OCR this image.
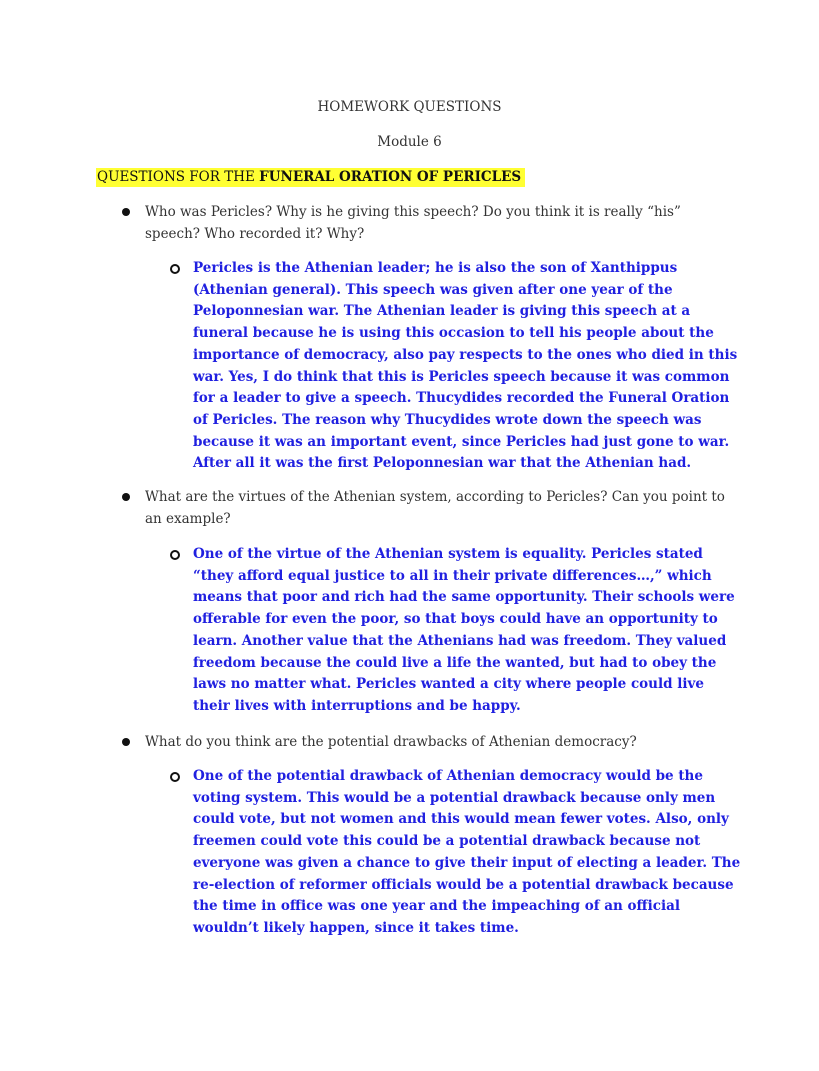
HOMEWORK QUESTIONS
Module 6
QUESTIONS FOR THE FUNERAL ORATION OF PERICLES
Who was Pericles? Why is he giving this speech? Do you think it is really “his”
speech? Who recorded it? Why?
Pericles is the Athenian leader; he is also the son of Xanthippus
(Athenian general). This speech was given after one year of the
Peloponnesian war. The Athenian leader is giving this speech at a
funeral because he is using this occasion to tell his people about the
importance of democracy, also pay respects to the ones who died in this
war. Yes, I do think that this is Pericles speech because it was common
for a leader to give a speech. Thucydides recorded the Funeral Oration
of Pericles. The reason why Thucydides wrote down the speech was
because it was an important event, since Pericles had just gone to war.
After all it was the first Peloponnesian war that the Athenian had.
What are the virtues of the Athenian system, according to Pericles? Can you point to
an example?
One of the virtue of the Athenian system is equality. Pericles stated
“they afford equal justice to all in their private differences…,” which
means that poor and rich had the same opportunity. Their schools were
offerable for even the poor, so that boys could have an opportunity to
learn. Another value that the Athenians had was freedom. They valued
freedom because the could live a life the wanted, but had to obey the
laws no matter what. Pericles wanted a city where people could live
their lives with interruptions and be happy.
What do you think are the potential drawbacks of Athenian democracy?
One of the potential drawback of Athenian democracy would be the
voting system. This would be a potential drawback because only men
could vote, but not women and this would mean fewer votes. Also, only
freemen could vote this could be a potential drawback because not
everyone was given a chance to give their input of electing a leader. The
re-election of reformer officials would be a potential drawback because
the time in office was one year and the impeaching of an official
wouldn’t likely happen, since it takes time.
